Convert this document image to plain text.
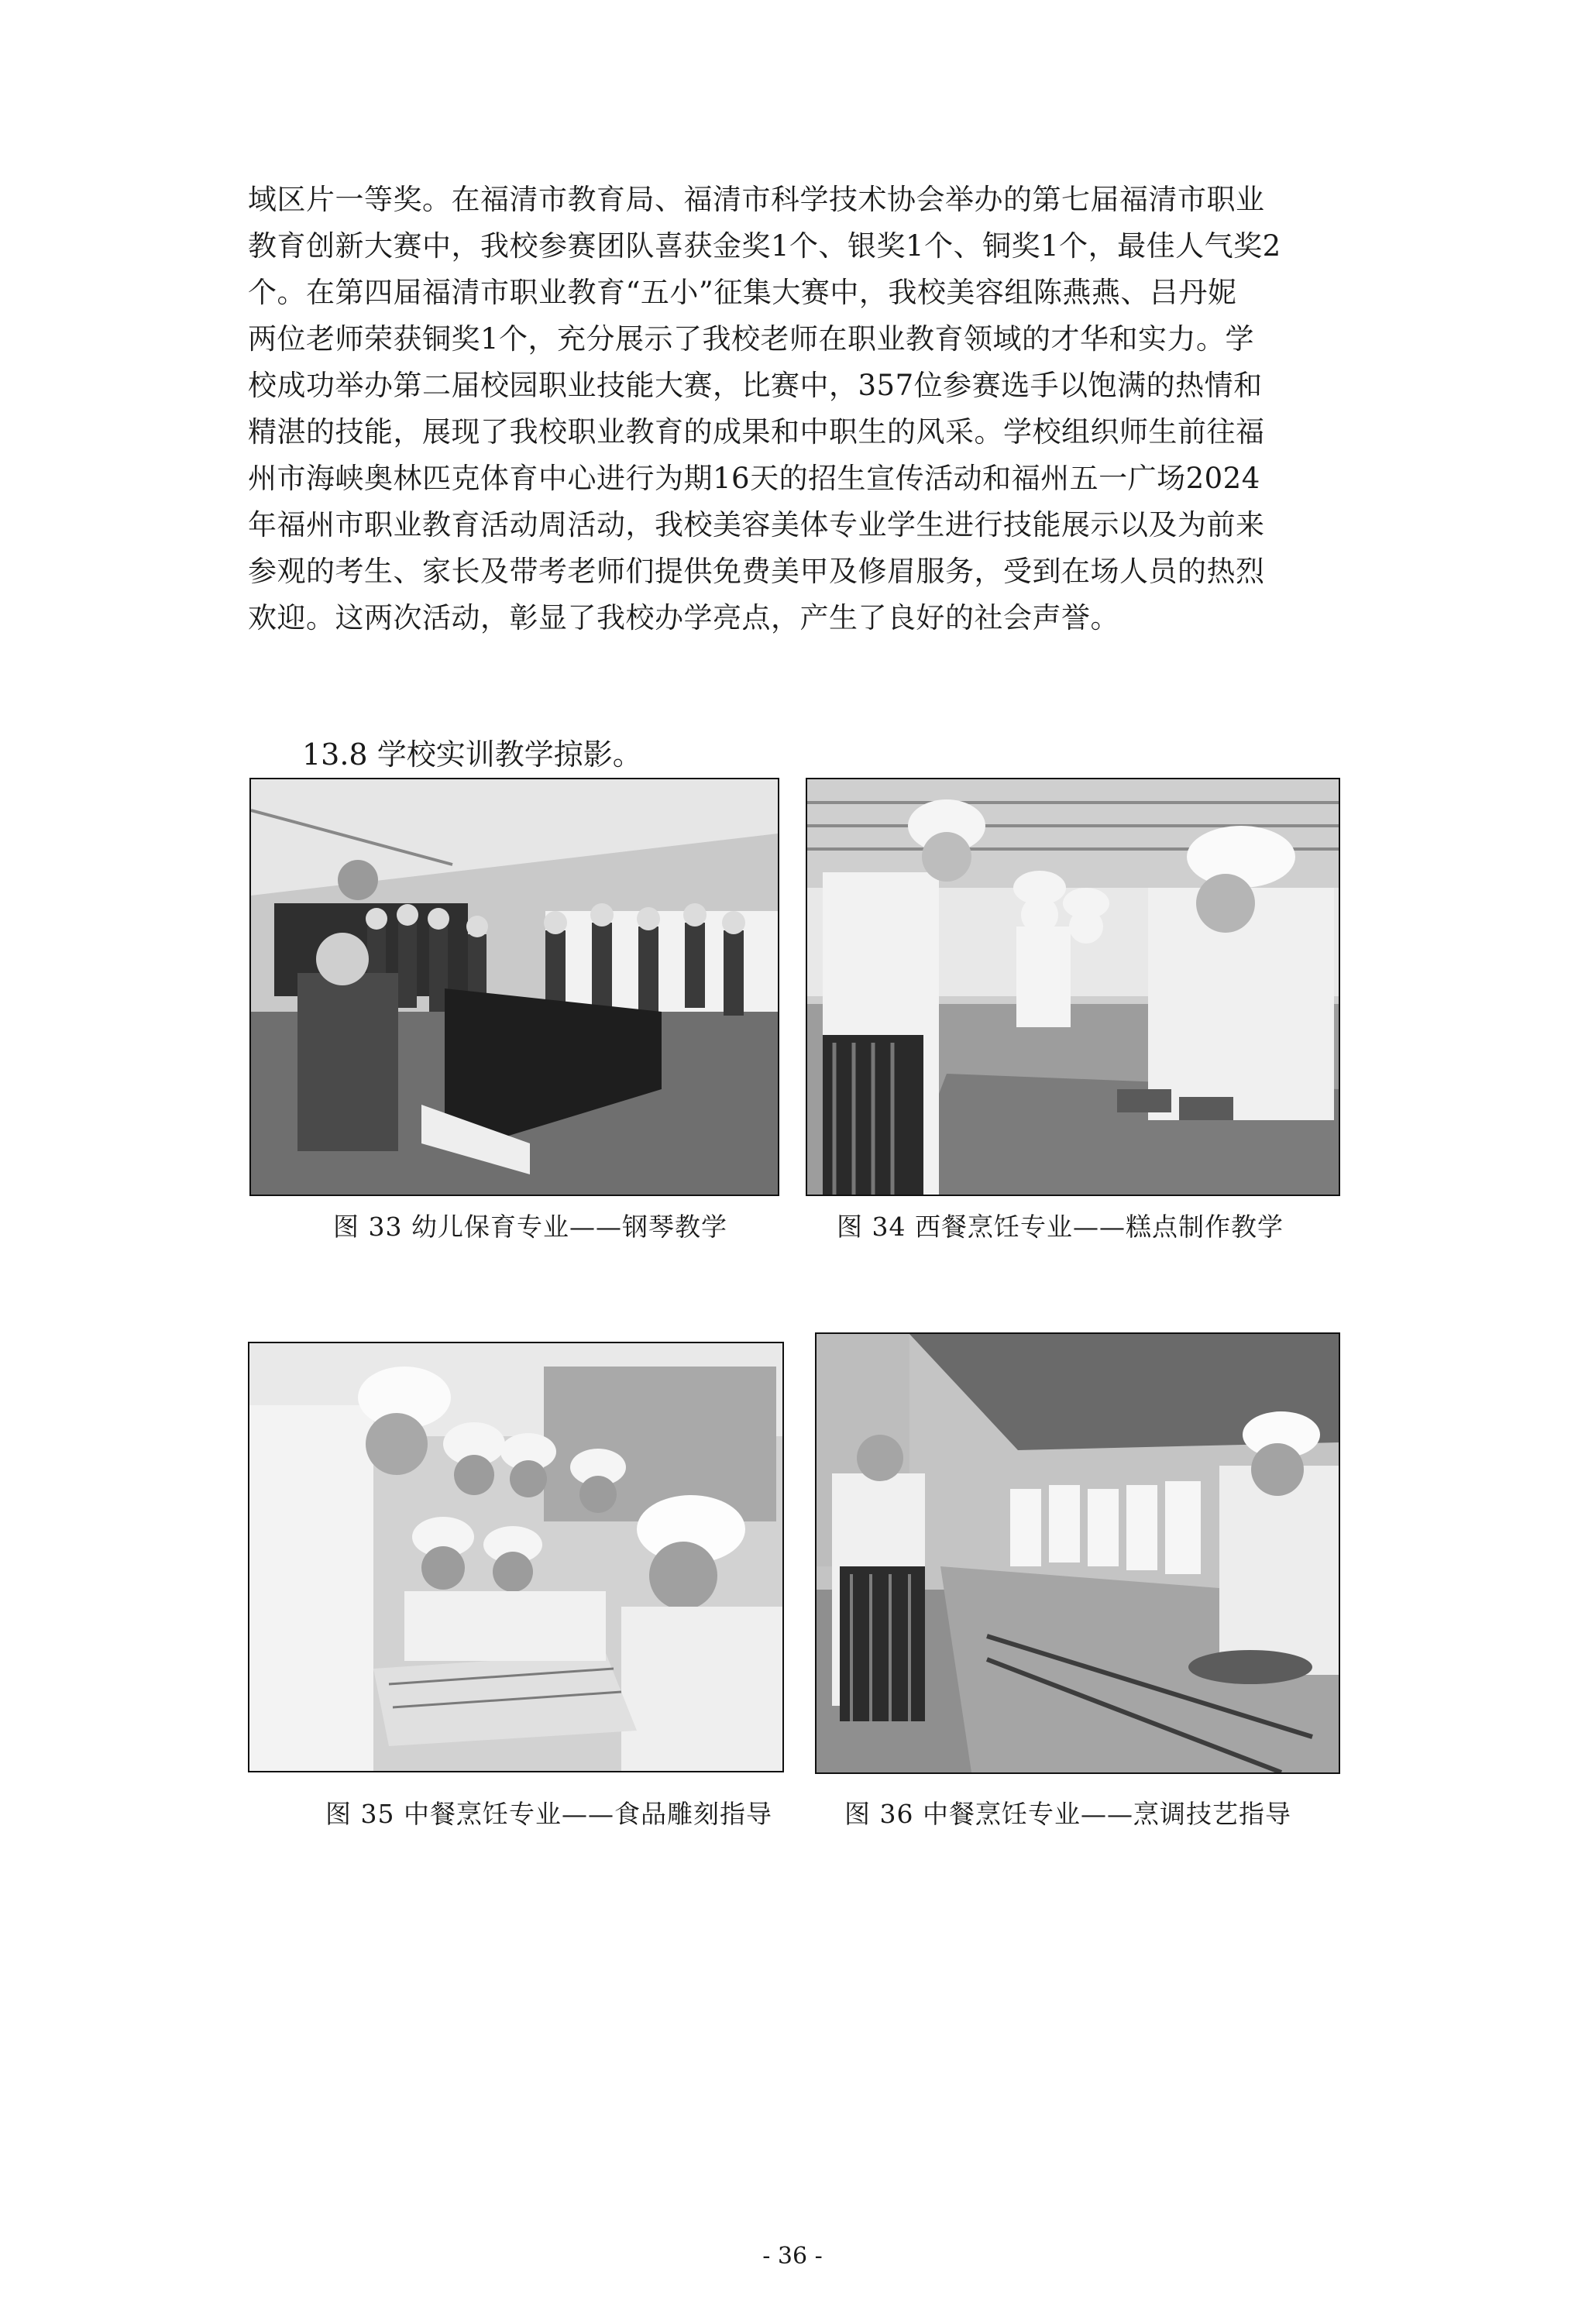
域区片一等奖。在福清市教育局、福清市科学技术协会举办的第七届福清市职业
教育创新大赛中，我校参赛团队喜获金奖1个、银奖1个、铜奖1个，最佳人气奖2
个。在第四届福清市职业教育“五小”征集大赛中，我校美容组陈燕燕、吕丹妮
两位老师荣获铜奖1个，充分展示了我校老师在职业教育领域的才华和实力。学
校成功举办第二届校园职业技能大赛，比赛中，357位参赛选手以饱满的热情和
精湛的技能，展现了我校职业教育的成果和中职生的风采。学校组织师生前往福
州市海峡奥林匹克体育中心进行为期16天的招生宣传活动和福州五一广场2024
年福州市职业教育活动周活动，我校美容美体专业学生进行技能展示以及为前来
参观的考生、家长及带考老师们提供免费美甲及修眉服务，受到在场人员的热烈
欢迎。这两次活动，彰显了我校办学亮点，产生了良好的社会声誉。
13.8 学校实训教学掠影。
图 33 幼儿保育专业——钢琴教学	图 34 西餐烹饪专业——糕点制作教学
图 35 中餐烹饪专业——食品雕刻指导	图 36 中餐烹饪专业——烹调技艺指导
- 36 -
